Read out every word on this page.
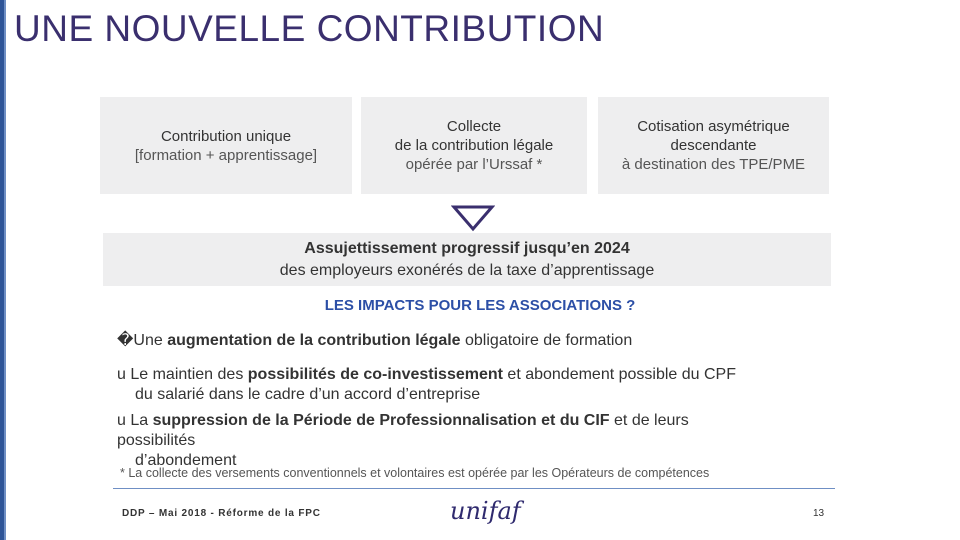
UNE NOUVELLE CONTRIBUTION
Contribution unique
[formation + apprentissage]
Collecte
de la contribution légale
opérée par l’Urssaf *
Cotisation asymétrique
descendante
à destination des TPE/PME
Assujettissement progressif jusqu’en 2024
des employeurs exonérés de la taxe d’apprentissage
LES IMPACTS POUR LES ASSOCIATIONS ?
�Une augmentation de la contribution légale obligatoire de formation
u Le maintien des possibilités de co-investissement et abondement possible du CPF
du salarié dans le cadre d’un accord d’entreprise
u La suppression de la Période de Professionnalisation et du CIF et de leurs
possibilités
d’abondement
* La collecte des versements conventionnels et volontaires est opérée par les Opérateurs de compétences
DDP – Mai 2018 - Réforme de la FPC	unifaf	13
